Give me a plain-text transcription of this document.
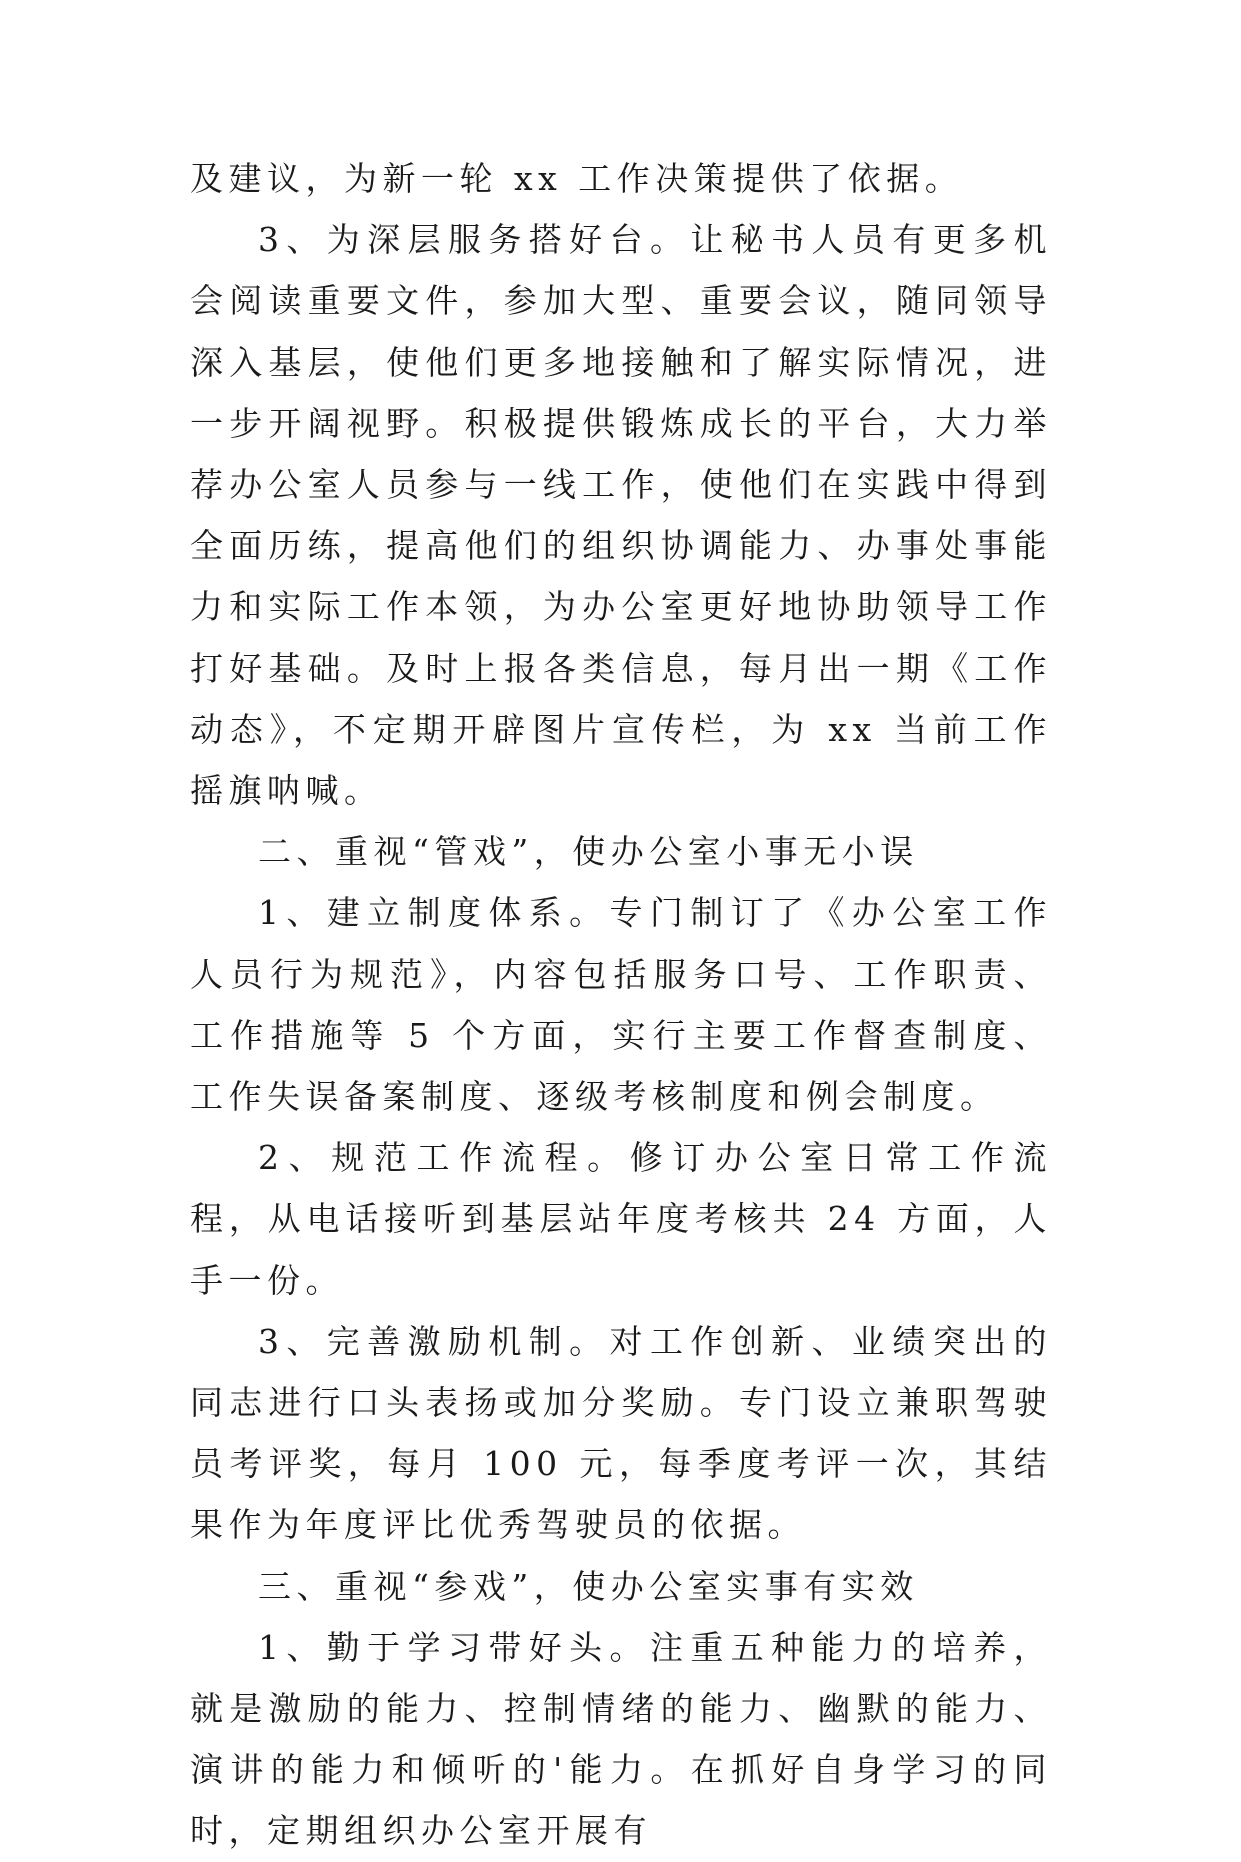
及建议，为新一轮 xx 工作决策提供了依据。

3、为深层服务搭好台。让秘书人员有更多机会阅读重要文件，参加大型、重要会议，随同领导深入基层，使他们更多地接触和了解实际情况，进一步开阔视野。积极提供锻炼成长的平台，大力举荐办公室人员参与一线工作，使他们在实践中得到全面历练，提高他们的组织协调能力、办事处事能力和实际工作本领，为办公室更好地协助领导工作打好基础。及时上报各类信息，每月出一期《工作动态》，不定期开辟图片宣传栏，为 xx 当前工作摇旗呐喊。

二、重视“管戏”，使办公室小事无小误

1、建立制度体系。专门制订了《办公室工作人员行为规范》，内容包括服务口号、工作职责、工作措施等 5 个方面，实行主要工作督查制度、工作失误备案制度、逐级考核制度和例会制度。

2、规范工作流程。修订办公室日常工作流程，从电话接听到基层站年度考核共 24 方面，人手一份。

3、完善激励机制。对工作创新、业绩突出的同志进行口头表扬或加分奖励。专门设立兼职驾驶员考评奖，每月 100 元，每季度考评一次，其结果作为年度评比优秀驾驶员的依据。

三、重视“参戏”，使办公室实事有实效

1、勤于学习带好头。注重五种能力的培养，就是激励的能力、控制情绪的能力、幽默的能力、演讲的能力和倾听的'能力。在抓好自身学习的同时，定期组织办公室开展有
